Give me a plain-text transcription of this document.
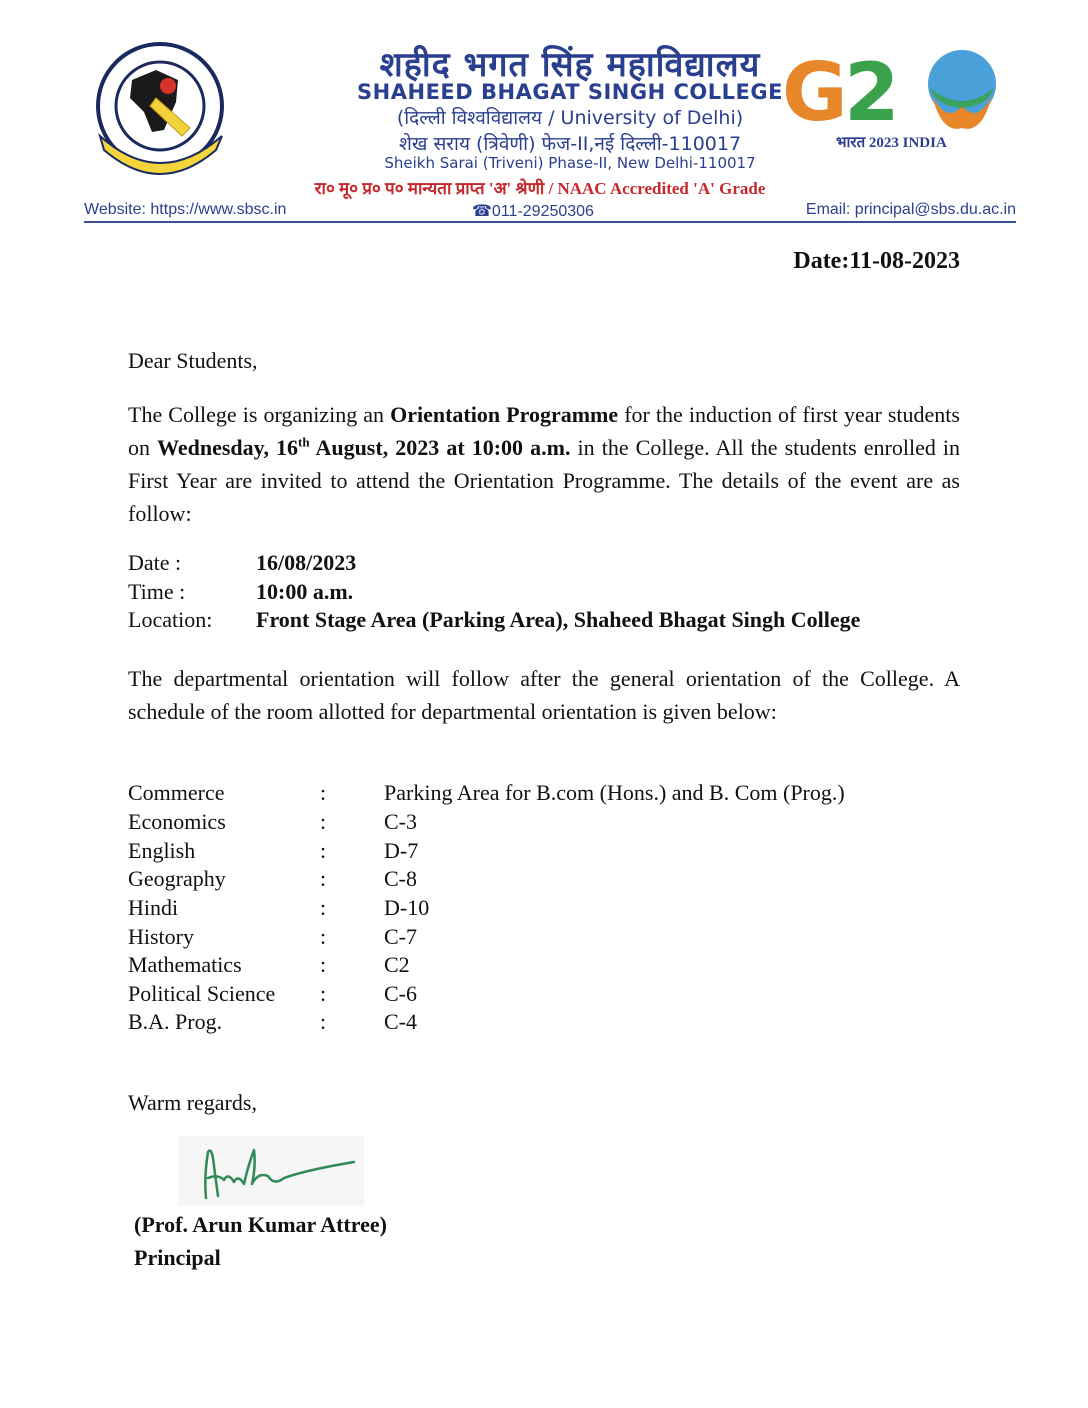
G
2
भारत 2023 INDIA
शहीद भगत सिंह महाविद्यालय
SHAHEED BHAGAT SINGH COLLEGE
(दिल्ली विश्वविद्यालय / University of Delhi)
शेख सराय (त्रिवेणी) फेज-II,नई दिल्ली-110017
Sheikh Sarai (Triveni) Phase-II, New Delhi-110017
रा० मू० प्र० प० मान्यता प्राप्त 'अ' श्रेणी / NAAC Accredited 'A' Grade
Website: https://www.sbsc.in	☎011-29250306	Email: principal@sbs.du.ac.in
Date:11-08-2023
Dear Students,
The College is organizing an Orientation Programme for the induction of first year students on Wednesday, 16th August, 2023 at 10:00 a.m. in the College. All the students enrolled in First Year are invited to attend the Orientation Programme. The details of the event are as follow:
Date :	16/08/2023
Time :	10:00 a.m.
Location: Front Stage Area (Parking Area), Shaheed Bhagat Singh College
The departmental orientation will follow after the general orientation of the College. A schedule of the room allotted for departmental orientation is given below:
Commerce	:	Parking Area for B.com (Hons.) and B. Com (Prog.)
Economics	:	C-3
English	:	D-7
Geography	:	C-8
Hindi	:	D-10
History	:	C-7
Mathematics	:	C2
Political Science :	C-6
B.A. Prog.	:	C-4
Warm regards,
(Prof. Arun Kumar Attree)
Principal
